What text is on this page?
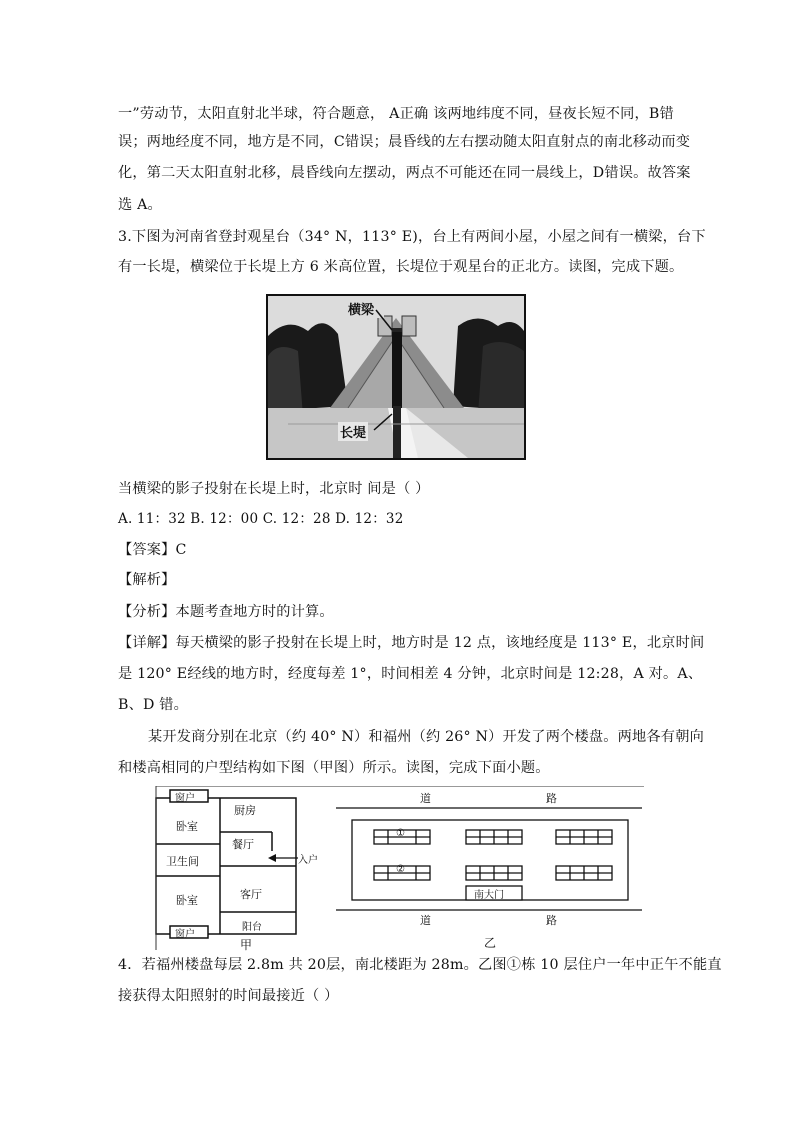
一”劳动节，太阳直射北半球，符合题意， A正确 该两地纬度不同，昼夜长短不同，B错
误；两地经度不同，地方是不同，C错误；晨昏线的左右摆动随太阳直射点的南北移动而变
化，第二天太阳直射北移，晨昏线向左摆动，两点不可能还在同一晨线上，D错误。故答案
选 A。
3.下图为河南省登封观星台（34° N，113° E)，台上有两间小屋，小屋之间有一横梁，台下
有一长堤，横梁位于长堤上方 6 米高位置，长堤位于观星台的正北方。读图，完成下题。
横梁
长堤
当横梁的影子投射在长堤上时，北京时 间是（ ）
A. 11：32 B. 12：00 C. 12：28 D. 12：32
【答案】C
【解析】
【分析】本题考查地方时的计算。
【详解】每天横梁的影子投射在长堤上时，地方时是 12 点，该地经度是 113° E，北京时间
是 120° E经线的地方时，经度每差 1°，时间相差 4 分钟，北京时间是 12:28，A 对。A、
B、D 错。
某开发商分别在北京（约 40° N）和福州（约 26° N）开发了两个楼盘。两地各有朝向
和楼高相同的户型结构如下图（甲图）所示。读图，完成下面小题。
窗户
卧室
厨房
餐厅
卫生间	入户
卧室	客厅
窗户
阳台
甲
道	路
①
②
南大门
道	路
乙
4．若福州楼盘每层 2.8m 共 20层，南北楼距为 28m。乙图①栋 10 层住户一年中正午不能直
接获得太阳照射的时间最接近（ ）
